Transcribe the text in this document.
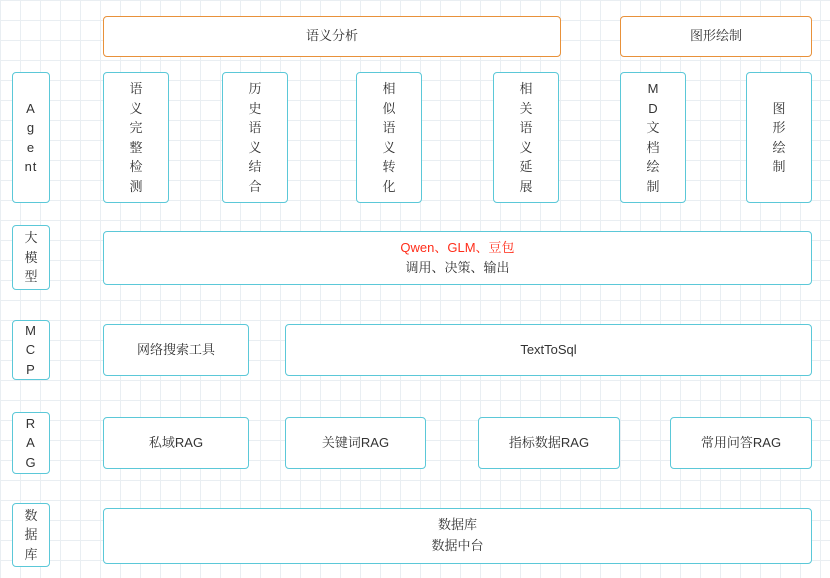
语义分析	图形绘制
Agent
大模型
MCP
RAG
数据库
语义完整检测
历史语义结合
相似语义转化
相关语义延展
MD文档绘制
图形绘制
Qwen、GLM、豆包
调用、决策、输出
网络搜索工具	TextToSql
私域RAG	关键词RAG	指标数据RAG	常用问答RAG
数据库
数据中台
